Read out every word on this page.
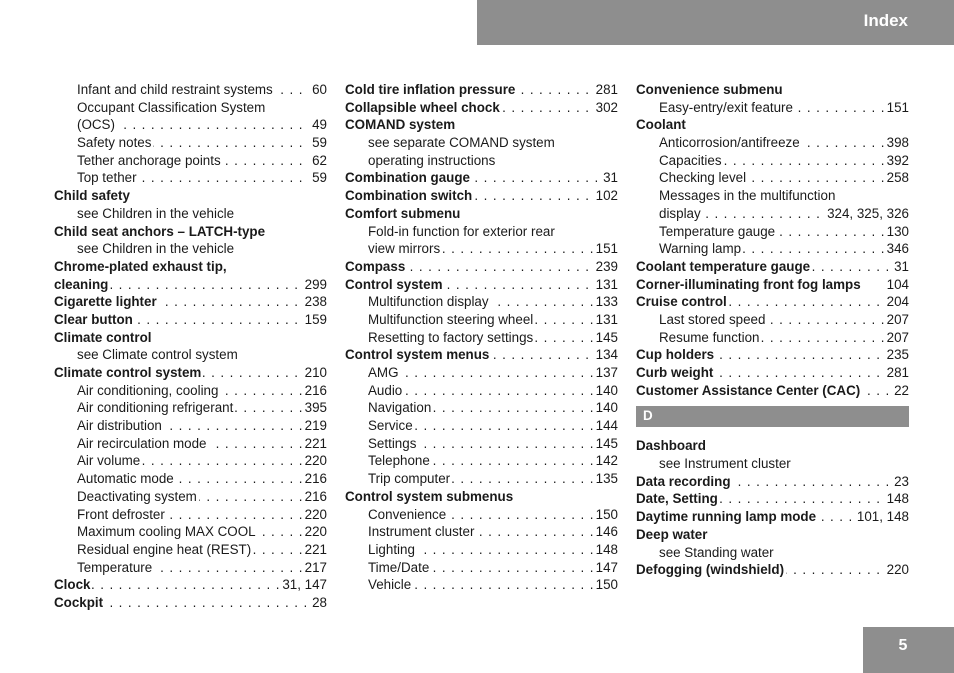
Index
. . . Infant and child restraint systems	60
Occupant Classification System
. . . (OCS)	49
. . . Safety notes	59
. . . Tether anchorage points	62
. . . Top tether	59
Child safety
see Children in the vehicle
Child seat anchors – LATCH-type
see Children in the vehicle
Chrome-plated exhaust tip,
. . . cleaning	299
. . . Cigarette lighter	238
. . . Clear button	159
Climate control
see Climate control system
. . . Climate control system	210
. . . Air conditioning, cooling	216
. . . Air conditioning refrigerant	395
. . . Air distribution	219
. . . Air recirculation mode	221
. . . Air volume	220
. . . Automatic mode	216
. . . Deactivating system	216
. . . Front defroster	220
. . . Maximum cooling MAX COOL	220
. . . Residual engine heat (REST)	221
. . . Temperature	217
. . . Clock	31, 147
. . . Cockpit	28
. . . Cold tire inflation pressure	281
. . . Collapsible wheel chock	302
COMAND system
see separate COMAND system
operating instructions
. . . Combination gauge	31
. . . Combination switch	102
Comfort submenu
Fold-in function for exterior rear
. . . view mirrors	151
. . . Compass	239
. . . Control system	131
. . . Multifunction display	133
. . . Multifunction steering wheel	131
. . . Resetting to factory settings	145
. . . Control system menus	134
. . . AMG	137
. . . Audio	140
. . . Navigation	140
. . . Service	144
. . . Settings	145
. . . Telephone	142
. . . Trip computer	135
Control system submenus
. . . Convenience	150
. . . Instrument cluster	146
. . . Lighting	148
. . . Time/Date	147
. . . Vehicle	150
Convenience submenu
. . . Easy-entry/exit feature	151
Coolant
. . . Anticorrosion/antifreeze	398
. . . Capacities	392
. . . Checking level	258
Messages in the multifunction
. . . display	324, 325, 326
. . . Temperature gauge	130
. . . Warning lamp	346
. . . Coolant temperature gauge	31
Corner-illuminating front fog lamps 104
. . . Cruise control	204
. . . Last stored speed	207
. . . Resume function	207
. . . Cup holders	235
. . . Curb weight	281
. . . Customer Assistance Center (CAC)	22
D
Dashboard
see Instrument cluster
. . . Data recording	23
. . . Date, Setting	148
. . . Daytime running lamp mode	101, 148
Deep water
see Standing water
. . . Defogging (windshield)	220
5
